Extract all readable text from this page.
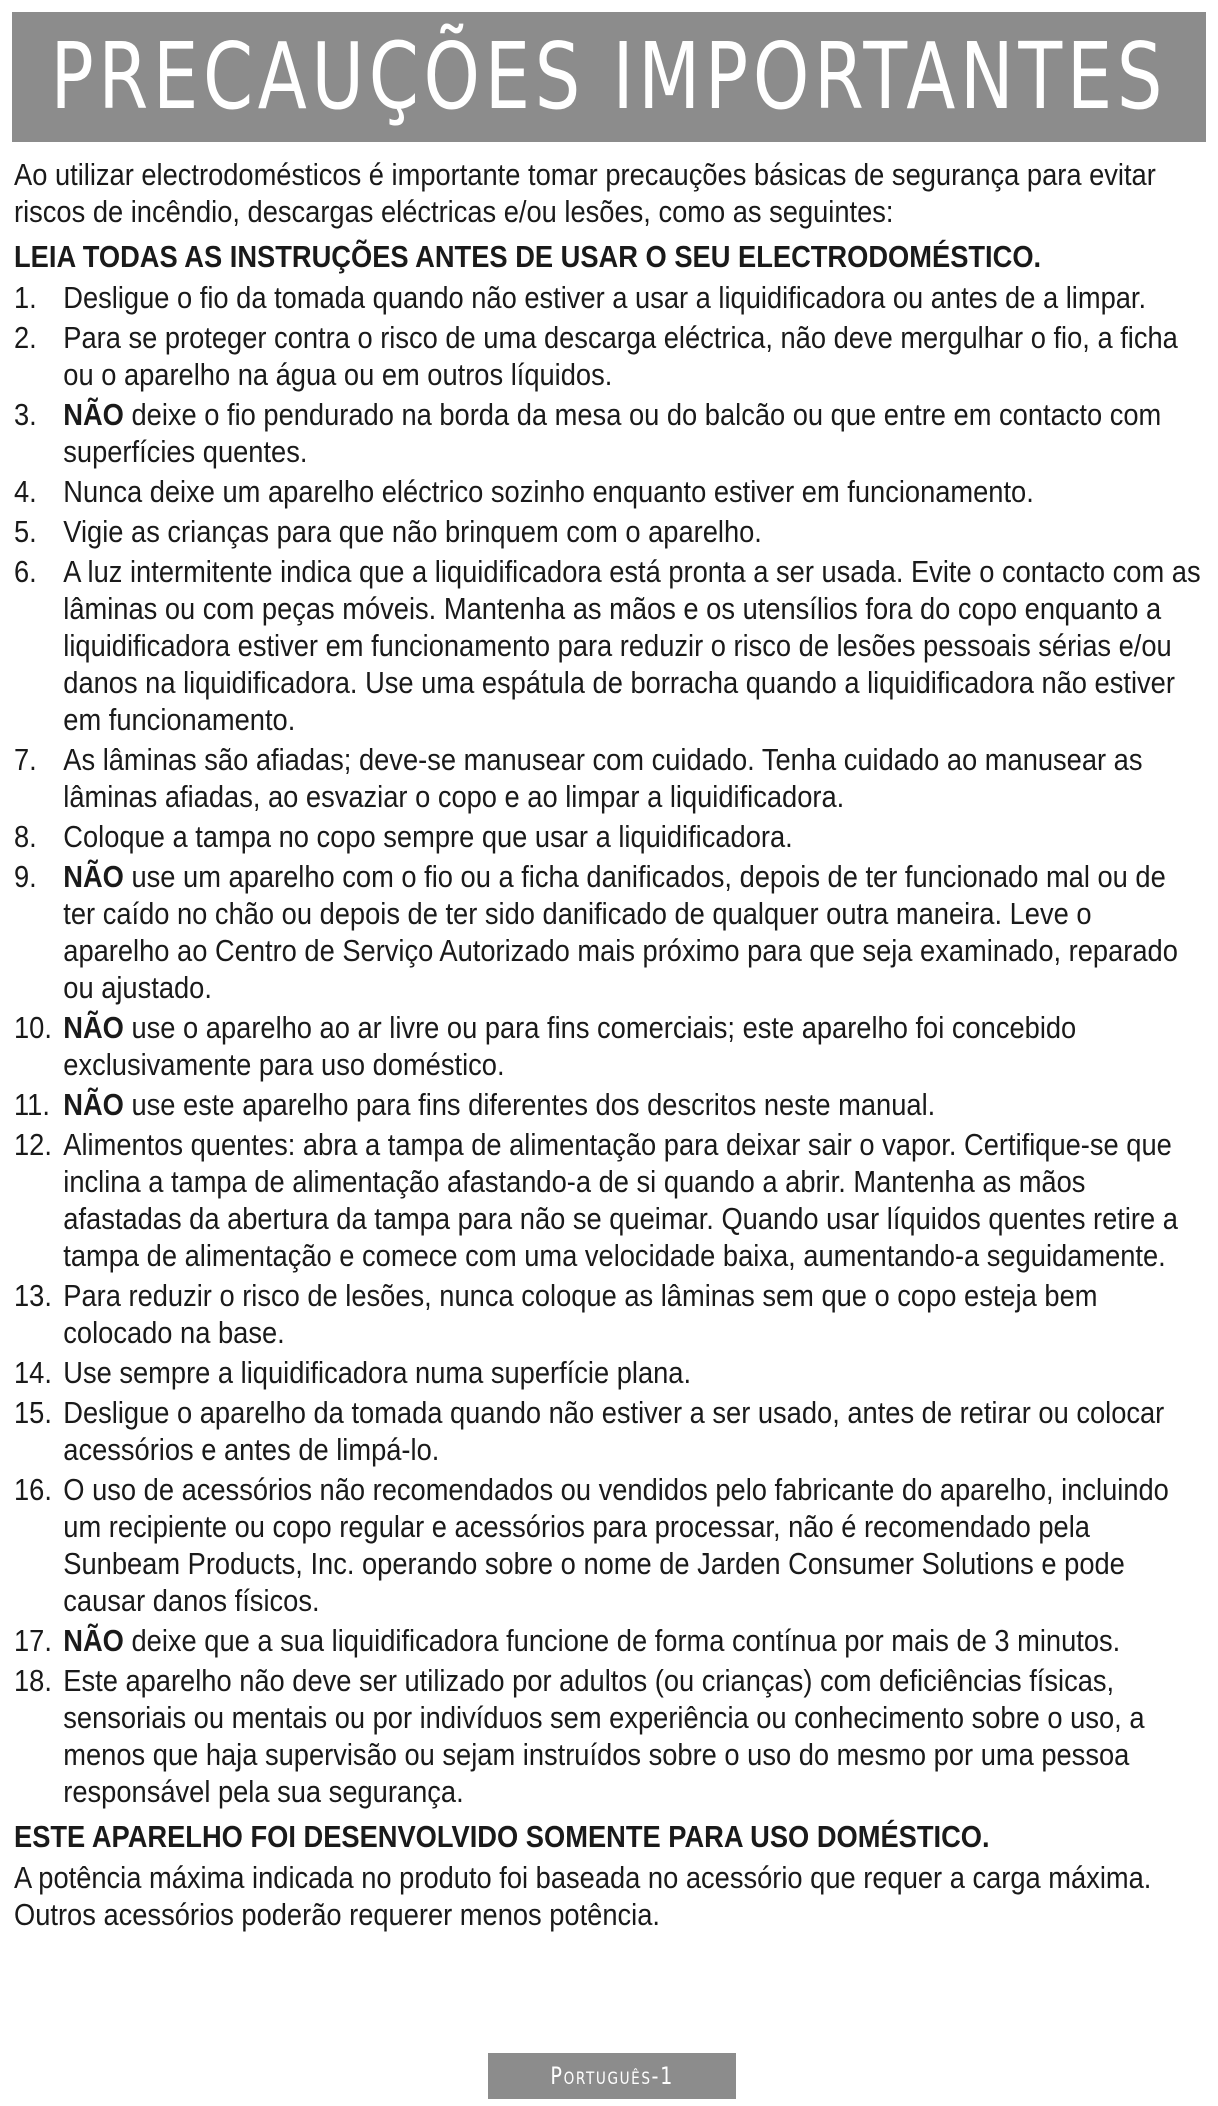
PRECAUÇÕES IMPORTANTES

Ao utilizar electrodomésticos é importante tomar precauções básicas de segurança para evitar riscos de incêndio, descargas eléctricas e/ou lesões, como as seguintes:

LEIA TODAS AS INSTRUÇÕES ANTES DE USAR O SEU ELECTRODOMÉSTICO.

1. Desligue o fio da tomada quando não estiver a usar a liquidificadora ou antes de a limpar.
2. Para se proteger contra o risco de uma descarga eléctrica, não deve mergulhar o fio, a ficha ou o aparelho na água ou em outros líquidos.
3. NÃO deixe o fio pendurado na borda da mesa ou do balcão ou que entre em contacto com superfícies quentes.
4. Nunca deixe um aparelho eléctrico sozinho enquanto estiver em funcionamento.
5. Vigie as crianças para que não brinquem com o aparelho.
6. A luz intermitente indica que a liquidificadora está pronta a ser usada. Evite o contacto com as lâminas ou com peças móveis. Mantenha as mãos e os utensílios fora do copo enquanto a liquidificadora estiver em funcionamento para reduzir o risco de lesões pessoais sérias e/ou danos na liquidificadora. Use uma espátula de borracha quando a liquidificadora não estiver em funcionamento.
7. As lâminas são afiadas; deve-se manusear com cuidado. Tenha cuidado ao manusear as lâminas afiadas, ao esvaziar o copo e ao limpar a liquidificadora.
8. Coloque a tampa no copo sempre que usar a liquidificadora.
9. NÃO use um aparelho com o fio ou a ficha danificados, depois de ter funcionado mal ou de ter caído no chão ou depois de ter sido danificado de qualquer outra maneira. Leve o aparelho ao Centro de Serviço Autorizado mais próximo para que seja examinado, reparado ou ajustado.
10. NÃO use o aparelho ao ar livre ou para fins comerciais; este aparelho foi concebido exclusivamente para uso doméstico.
11. NÃO use este aparelho para fins diferentes dos descritos neste manual.
12. Alimentos quentes: abra a tampa de alimentação para deixar sair o vapor. Certifique-se que inclina a tampa de alimentação afastando-a de si quando a abrir. Mantenha as mãos afastadas da abertura da tampa para não se queimar. Quando usar líquidos quentes retire a tampa de alimentação e comece com uma velocidade baixa, aumentando-a seguidamente.
13. Para reduzir o risco de lesões, nunca coloque as lâminas sem que o copo esteja bem colocado na base.
14. Use sempre a liquidificadora numa superfície plana.
15. Desligue o aparelho da tomada quando não estiver a ser usado, antes de retirar ou colocar acessórios e antes de limpá-lo.
16. O uso de acessórios não recomendados ou vendidos pelo fabricante do aparelho, incluindo um recipiente ou copo regular e acessórios para processar, não é recomendado pela Sunbeam Products, Inc. operando sobre o nome de Jarden Consumer Solutions e pode causar danos físicos.
17. NÃO deixe que a sua liquidificadora funcione de forma contínua por mais de 3 minutos.
18. Este aparelho não deve ser utilizado por adultos (ou crianças) com deficiências físicas, sensoriais ou mentais ou por indivíduos sem experiência ou conhecimento sobre o uso, a menos que haja supervisão ou sejam instruídos sobre o uso do mesmo por uma pessoa responsável pela sua segurança.

ESTE APARELHO FOI DESENVOLVIDO SOMENTE PARA USO DOMÉSTICO.

A potência máxima indicada no produto foi baseada no acessório que requer a carga máxima. Outros acessórios poderão requerer menos potência.

Português-1
